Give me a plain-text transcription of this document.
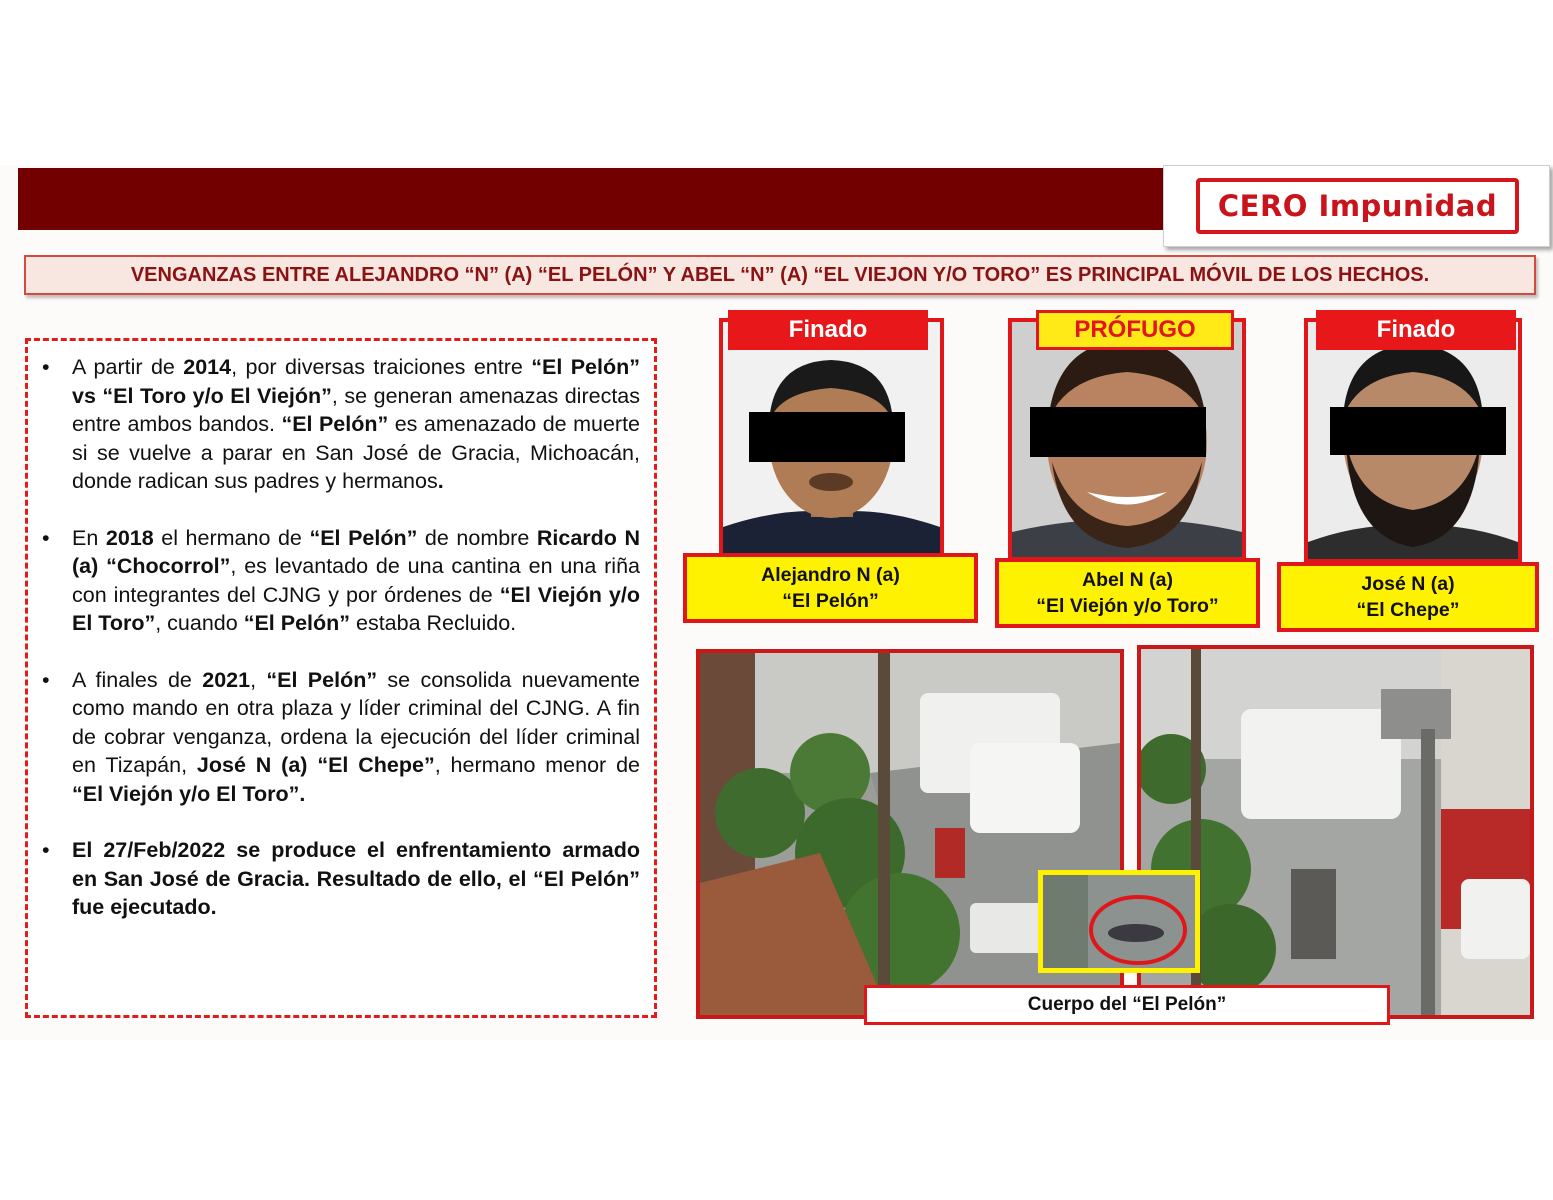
CERO Impunidad
VENGANZAS ENTRE ALEJANDRO “N” (A) “EL PELÓN” Y ABEL “N” (A) “EL VIEJON Y/O TORO” ES PRINCIPAL MÓVIL DE LOS HECHOS.
• A partir de 2014, por diversas traiciones entre “El Pelón” vs “El Toro y/o El Viejón”, se generan amenazas directas entre ambos bandos. “El Pelón” es amenazado de muerte si se vuelve a parar en San José de Gracia, Michoacán, donde radican sus padres y hermanos.
• En 2018 el hermano de “El Pelón” de nombre Ricardo N (a) “Chocorrol”, es levantado de una cantina en una riña con integrantes del CJNG y por órdenes de “El Viejón y/o El Toro”, cuando “El Pelón” estaba Recluido.
• A finales de 2021, “El Pelón” se consolida nuevamente como mando en otra plaza y líder criminal del CJNG. A fin de cobrar venganza, ordena la ejecución del líder criminal en Tizapán, José N (a) “El Chepe”, hermano menor de “El Viejón y/o El Toro”.
• El 27/Feb/2022 se produce el enfrentamiento armado en San José de Gracia. Resultado de ello, el “El Pelón” fue ejecutado.
Finado
Alejandro N (a)
“El Pelón”
PRÓFUGO
Abel N (a)
“El Viejón y/o Toro”
Finado
José N (a)
“El Chepe”
Cuerpo del “El Pelón”
